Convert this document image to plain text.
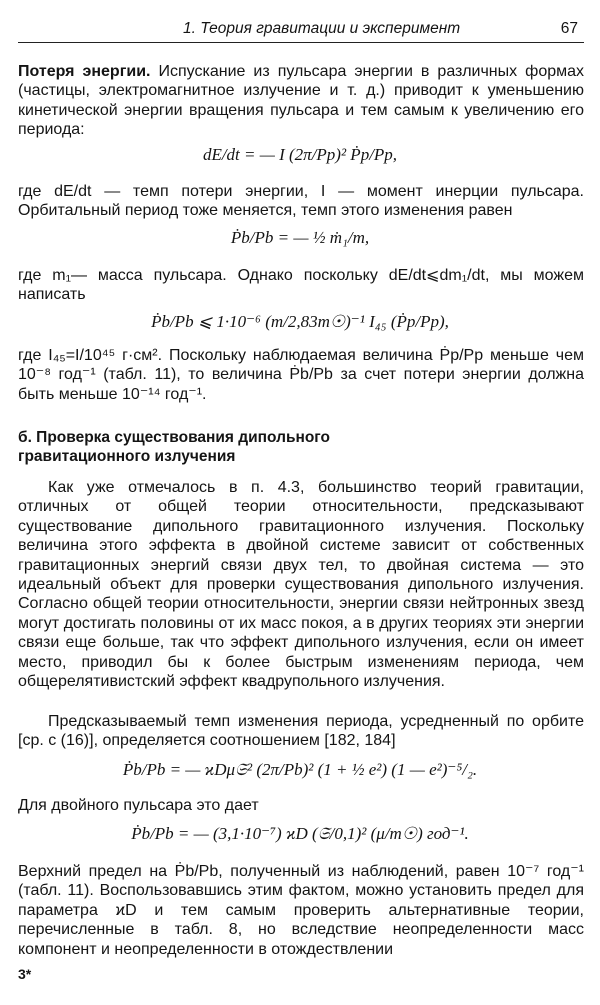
1. Теория гравитации и эксперимент	67

Потеря энергии. Испускание из пульсара энергии в различных формах (частицы, электромагнитное излучение и т. д.) приводит к уменьшению кинетической энергии вращения пульсара и тем самым к увеличению его периода:

dE/dt = — I (2π/Pp)² Ṗp/Pp,

где dE/dt — темп потери энергии, I — момент инерции пульсара. Орбитальный период тоже меняется, темп этого изменения равен

Ṗb/Pb = — ½ ṁ₁/m,

где m₁— масса пульсара. Однако поскольку dE/dt⩽dm₁/dt, мы можем написать

Ṗb/Pb ⩽ 1·10⁻⁶ (m/2,83m☉)⁻¹ I₄₅ (Ṗp/Pp),

где I₄₅=I/10⁴⁵ г·см². Поскольку наблюдаемая величина Ṗp/Pp меньше чем 10⁻⁸ год⁻¹ (табл. 11), то величина Ṗb/Pb за счет потери энергии должна быть меньше 10⁻¹⁴ год⁻¹.

б. Проверка существования дипольного
гравитационного излучения

Как уже отмечалось в п. 4.3, большинство теорий гравитации, отличных от общей теории относительности, предсказывают существование дипольного гравитационного излучения. Поскольку величина этого эффекта в двойной системе зависит от собственных гравитационных энергий связи двух тел, то двойная система — это идеальный объект для проверки существования дипольного излучения. Согласно общей теории относительности, энергии связи нейтронных звезд могут достигать половины от их масс покоя, а в других теориях эти энергии связи еще больше, так что эффект дипольного излучения, если он имеет место, приводил бы к более быстрым изменениям периода, чем общерелятивистский эффект квадрупольного излучения.

Предсказываемый темп изменения периода, усредненный по орбите [ср. с (16)], определяется соотношением [182, 184]

Ṗb/Pb = — ϰDμ𝔖² (2π/Pb)² (1 + ½ e²) (1 — e²)⁻⁵/₂.

Для двойного пульсара это дает

Ṗb/Pb = — (3,1·10⁻⁷) ϰD (𝔖/0,1)² (μ/m☉) год⁻¹.

Верхний предел на Ṗb/Pb, полученный из наблюдений, равен 10⁻⁷ год⁻¹ (табл. 11). Воспользовавшись этим фактом, можно установить предел для параметра ϰD и тем самым проверить альтернативные теории, перечисленные в табл. 8, но вследствие неопределенности масс компонент и неопределенности в отождествлении

3*
